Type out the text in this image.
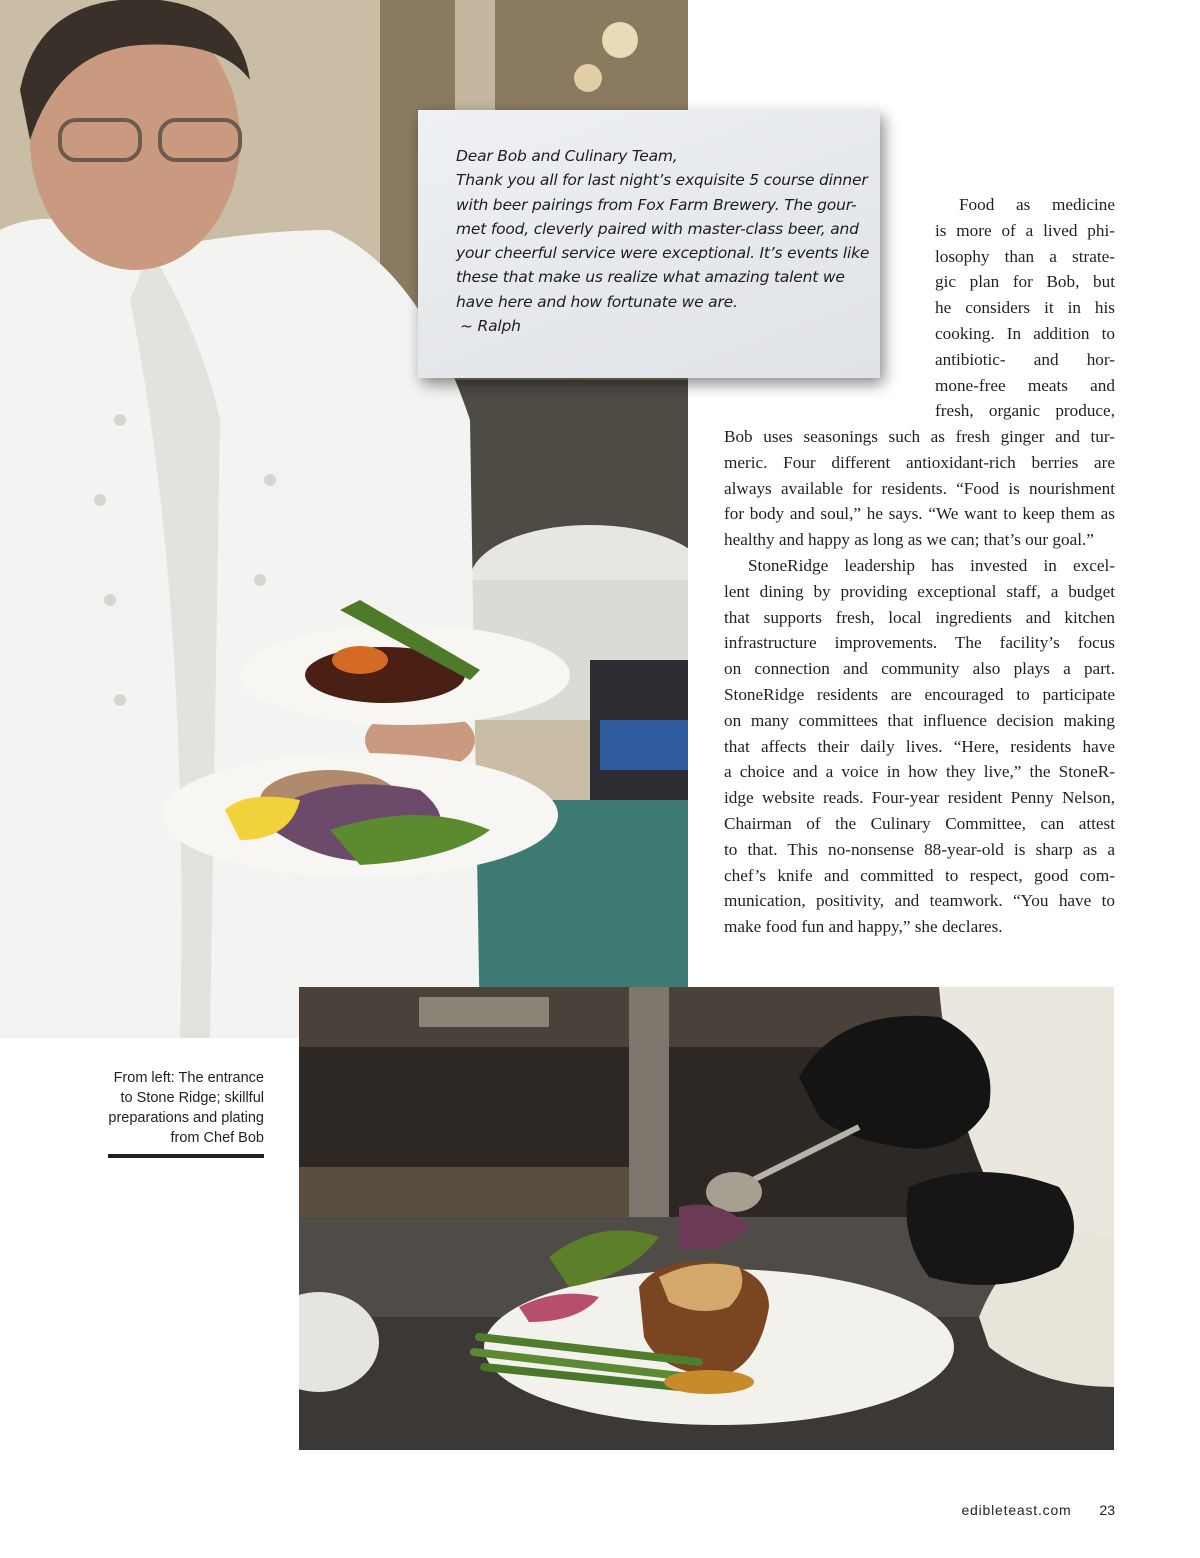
Dear Bob and Culinary Team,
Thank you all for last night’s exquisite 5 course dinner
with beer pairings from Fox Farm Brewery. The gour-
met food, cleverly paired with master-class beer, and
your cheerful service were exceptional. It’s events like
these that make us realize what amazing talent we
have here and how fortunate we are.
~ Ralph
Food as medicine
is more of a lived phi-
losophy than a strate-
gic plan for Bob, but
he considers it in his
cooking. In addition to
antibiotic- and hor-
mone-free meats and
fresh, organic produce,
Bob uses seasonings such as fresh ginger and tur-
meric. Four different antioxidant-rich berries are
always available for residents. “Food is nourishment
for body and soul,” he says. “We want to keep them as
healthy and happy as long as we can; that’s our goal.”
StoneRidge leadership has invested in excel-
lent dining by providing exceptional staff, a budget
that supports fresh, local ingredients and kitchen
infrastructure improvements. The facility’s focus
on connection and community also plays a part.
StoneRidge residents are encouraged to participate
on many committees that influence decision making
that affects their daily lives. “Here, residents have
a choice and a voice in how they live,” the StoneR-
idge website reads. Four-year resident Penny Nelson,
Chairman of the Culinary Committee, can attest
to that. This no-nonsense 88-year-old is sharp as a
chef’s knife and committed to respect, good com-
munication, positivity, and teamwork. “You have to
make food fun and happy,” she declares.
From left: The entrance
to Stone Ridge; skillful
preparations and plating
from Chef Bob
edibleteast.com 23
